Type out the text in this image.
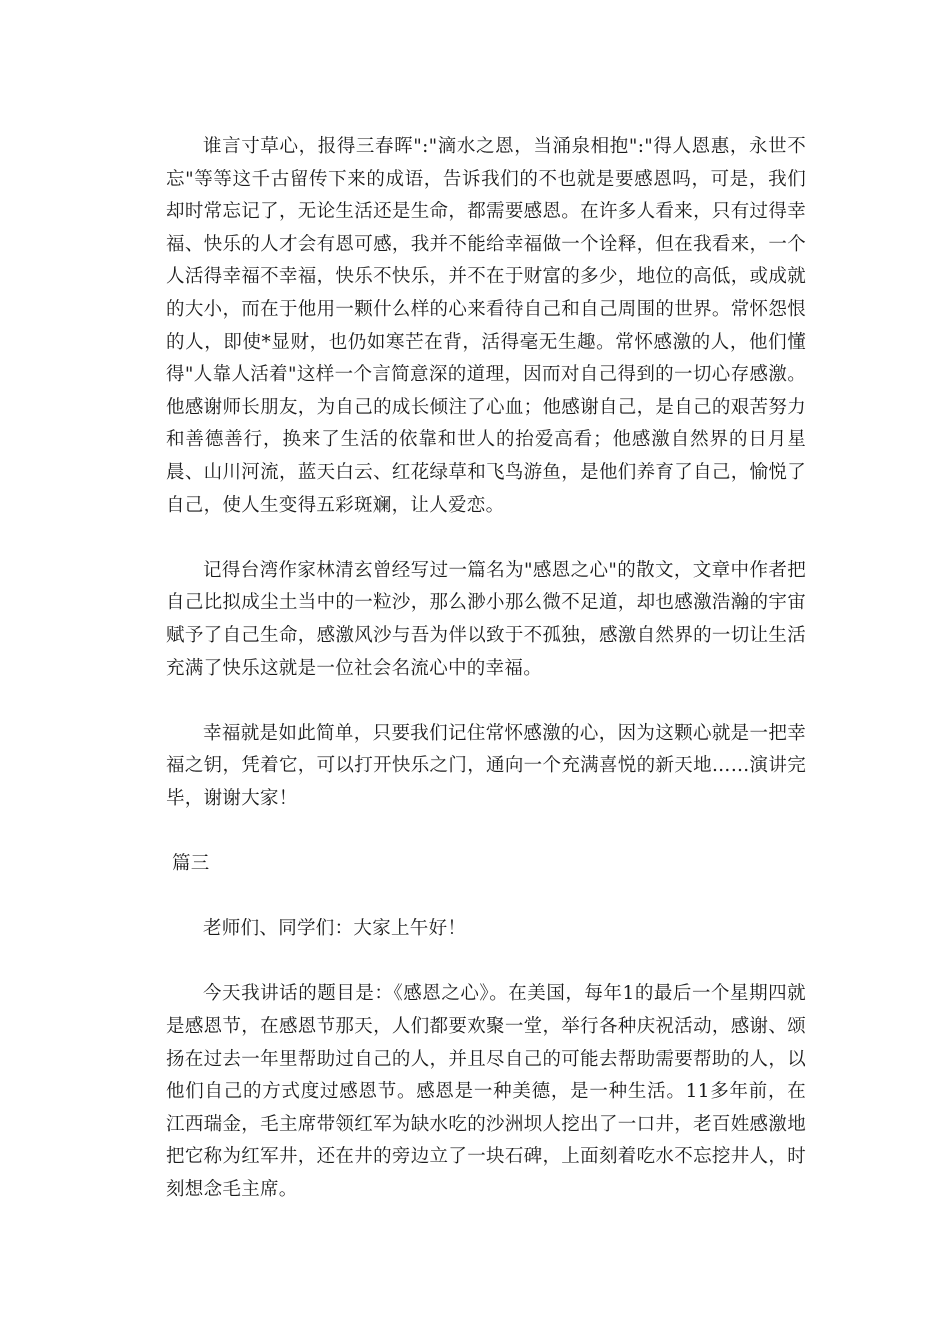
谁言寸草心，报得三春晖":"滴水之恩，当涌泉相抱":"得人恩惠，永世不忘"等等这千古留传下来的成语，告诉我们的不也就是要感恩吗，可是，我们却时常忘记了，无论生活还是生命，都需要感恩。在许多人看来，只有过得幸福、快乐的人才会有恩可感，我并不能给幸福做一个诠释，但在我看来，一个人活得幸福不幸福，快乐不快乐，并不在于财富的多少，地位的高低，或成就的大小，而在于他用一颗什么样的心来看待自己和自己周围的世界。常怀怨恨的人，即使*显财，也仍如寒芒在背，活得毫无生趣。常怀感激的人，他们懂得"人靠人活着"这样一个言简意深的道理，因而对自己得到的一切心存感激。他感谢师长朋友，为自己的成长倾注了心血；他感谢自己，是自己的艰苦努力和善德善行，换来了生活的依靠和世人的抬爱高看；他感激自然界的日月星晨、山川河流，蓝天白云、红花绿草和飞鸟游鱼，是他们养育了自己，愉悦了自己，使人生变得五彩斑斓，让人爱恋。

记得台湾作家林清玄曾经写过一篇名为"感恩之心"的散文，文章中作者把自己比拟成尘土当中的一粒沙，那么渺小那么微不足道，却也感激浩瀚的宇宙赋予了自己生命，感激风沙与吾为伴以致于不孤独，感激自然界的一切让生活充满了快乐这就是一位社会名流心中的幸福。

幸福就是如此简单，只要我们记住常怀感激的心，因为这颗心就是一把幸福之钥，凭着它，可以打开快乐之门，通向一个充满喜悦的新天地……演讲完毕，谢谢大家！

篇三

老师们、同学们：大家上午好！

今天我讲话的题目是：《感恩之心》。在美国，每年1的最后一个星期四就是感恩节，在感恩节那天，人们都要欢聚一堂，举行各种庆祝活动，感谢、颂扬在过去一年里帮助过自己的人，并且尽自己的可能去帮助需要帮助的人，以他们自己的方式度过感恩节。感恩是一种美德，是一种生活。11多年前，在江西瑞金，毛主席带领红军为缺水吃的沙洲坝人挖出了一口井，老百姓感激地把它称为红军井，还在井的旁边立了一块石碑，上面刻着吃水不忘挖井人，时刻想念毛主席。
